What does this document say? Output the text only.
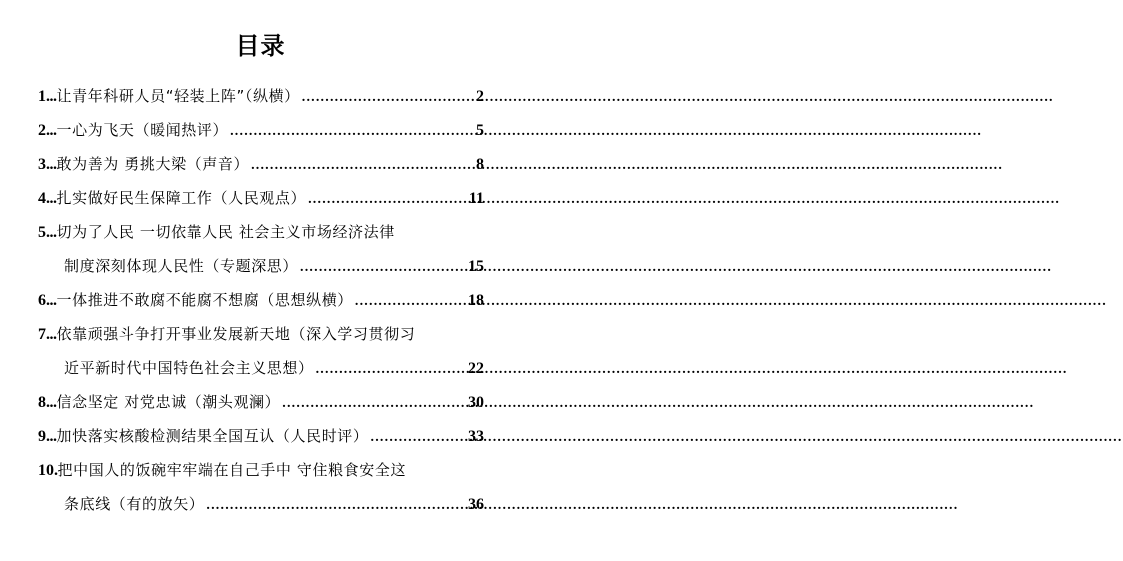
目录
1 ... 让青年科研人员“轻装上阵”（纵横） .....	2
2 ... 一心为飞天（暖闻热评） .....	5
3 ... 敢为善为 勇挑大梁（声音） .....	8
4 ... 扎实做好民生保障工作（人民观点） .....	11
5 ... 切为了人民 一切依靠人民 社会主义市场经济法律
制度深刻体现人民性（专题深思） .....	15
6 ... 一体推进不敢腐不能腐不想腐（思想纵横） .....	18
7 ... 依靠顽强斗争打开事业发展新天地（深入学习贯彻习
近平新时代中国特色社会主义思想） .....	22
8 ... 信念坚定 对党忠诚（潮头观澜） .....	30
9 ... 加快落实核酸检测结果全国互认（人民时评） .....	33
10 . 把中国人的饭碗牢牢端在自己手中 守住粮食安全这
条底线（有的放矢） .....	36
